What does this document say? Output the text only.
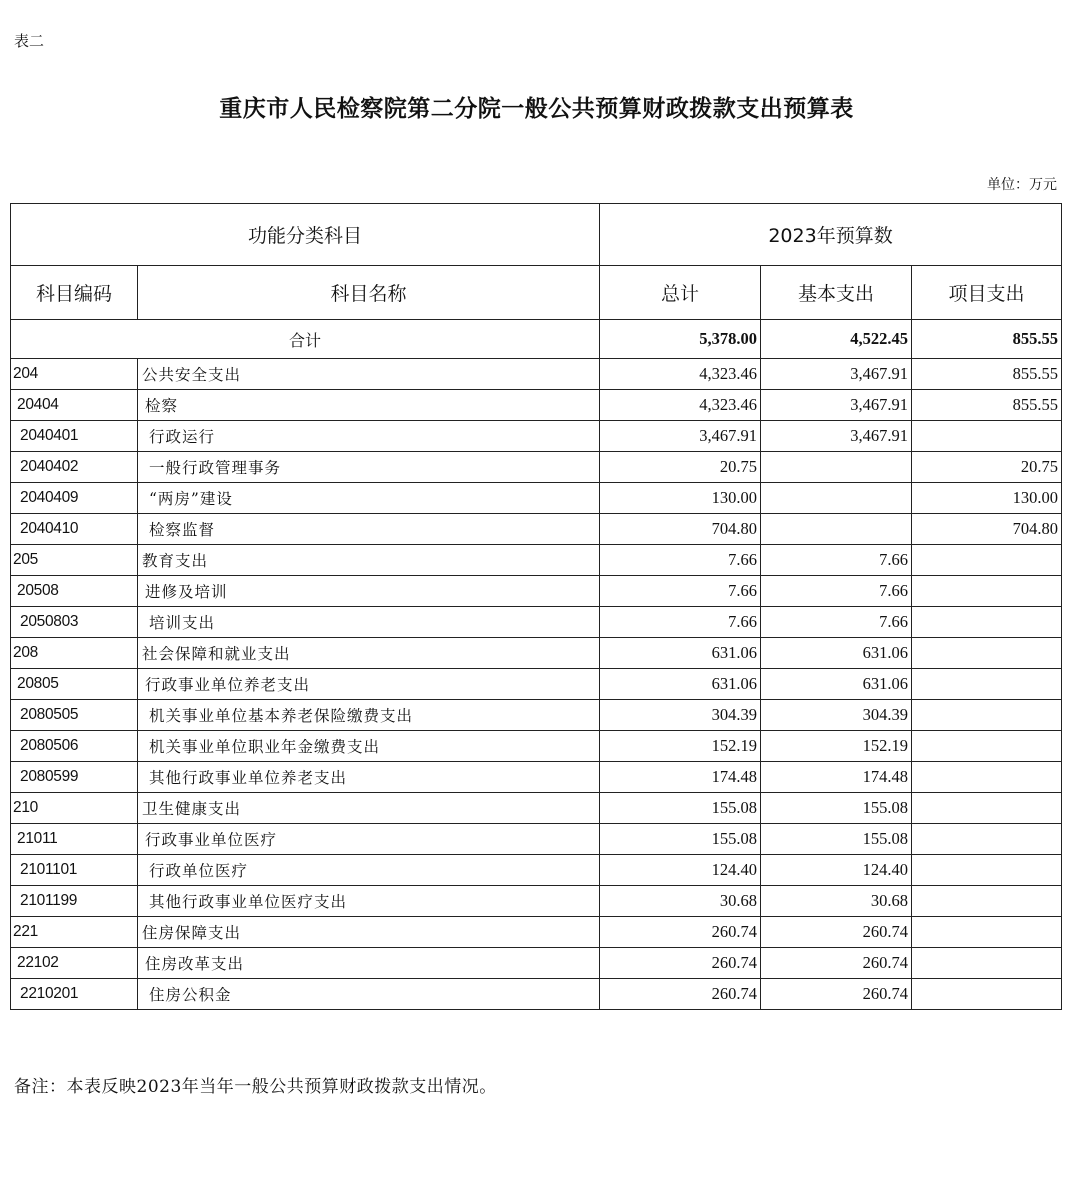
表二
重庆市人民检察院第二分院一般公共预算财政拨款支出预算表
单位：万元
功能分类科目		2023年预算数		
科目编码	科目名称	总计	基本支出	项目支出
合计		5,378.00	4,522.45	855.55
204	公共安全支出	4,323.46	3,467.91	855.55
20404	检察	4,323.46	3,467.91	855.55
2040401	行政运行	3,467.91	3,467.91	
2040402	一般行政管理事务	20.75		20.75
2040409	“两房”建设	130.00		130.00
2040410	检察监督	704.80		704.80
205	教育支出	7.66	7.66	
20508	进修及培训	7.66	7.66	
2050803	培训支出	7.66	7.66	
208	社会保障和就业支出	631.06	631.06	
20805	行政事业单位养老支出	631.06	631.06	
2080505	机关事业单位基本养老保险缴费支出	304.39	304.39	
2080506	机关事业单位职业年金缴费支出	152.19	152.19	
2080599	其他行政事业单位养老支出	174.48	174.48	
210	卫生健康支出	155.08	155.08	
21011	行政事业单位医疗	155.08	155.08	
2101101	行政单位医疗	124.40	124.40	
2101199	其他行政事业单位医疗支出	30.68	30.68	
221	住房保障支出	260.74	260.74	
22102	住房改革支出	260.74	260.74	
2210201	住房公积金	260.74	260.74	
备注：本表反映2023年当年一般公共预算财政拨款支出情况。
